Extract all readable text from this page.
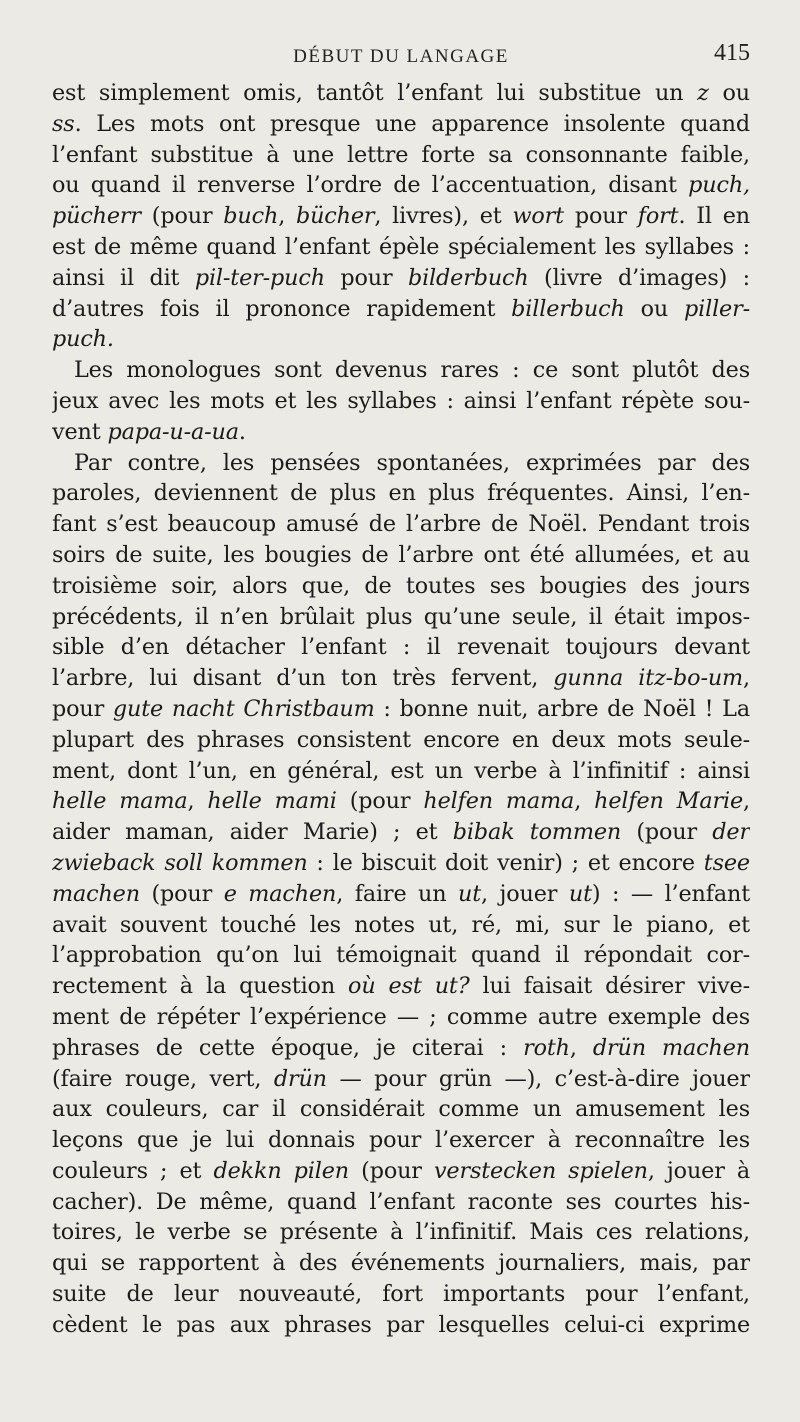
DÉBUT DU LANGAGE	415
est simplement omis, tantôt l’enfant lui substitue un z ou
ss. Les mots ont presque une apparence insolente quand
l’enfant substitue à une lettre forte sa consonnante faible,
ou quand il renverse l’ordre de l’accentuation, disant puch,
pücherr (pour buch, bücher, livres), et wort pour fort. Il en
est de même quand l’enfant épèle spécialement les syllabes :
ainsi il dit pil-ter-puch pour bilderbuch (livre d’images) :
d’autres fois il prononce rapidement billerbuch ou piller-
puch.
Les monologues sont devenus rares : ce sont plutôt des
jeux avec les mots et les syllabes : ainsi l’enfant répète sou-
vent papa-u-a-ua.
Par contre, les pensées spontanées, exprimées par des
paroles, deviennent de plus en plus fréquentes. Ainsi, l’en-
fant s’est beaucoup amusé de l’arbre de Noël. Pendant trois
soirs de suite, les bougies de l’arbre ont été allumées, et au
troisième soir, alors que, de toutes ses bougies des jours
précédents, il n’en brûlait plus qu’une seule, il était impos-
sible d’en détacher l’enfant : il revenait toujours devant
l’arbre, lui disant d’un ton très fervent, gunna itz-bo-um,
pour gute nacht Christbaum : bonne nuit, arbre de Noël ! La
plupart des phrases consistent encore en deux mots seule-
ment, dont l’un, en général, est un verbe à l’infinitif : ainsi
helle mama, helle mami (pour helfen mama, helfen Marie,
aider maman, aider Marie) ; et bibak tommen (pour der
zwieback soll kommen : le biscuit doit venir) ; et encore tsee
machen (pour e machen, faire un ut, jouer ut) : — l’enfant
avait souvent touché les notes ut, ré, mi, sur le piano, et
l’approbation qu’on lui témoignait quand il répondait cor-
rectement à la question où est ut? lui faisait désirer vive-
ment de répéter l’expérience — ; comme autre exemple des
phrases de cette époque, je citerai : roth, drün machen
(faire rouge, vert, drün — pour grün —), c’est-à-dire jouer
aux couleurs, car il considérait comme un amusement les
leçons que je lui donnais pour l’exercer à reconnaître les
couleurs ; et dekkn pilen (pour verstecken spielen, jouer à
cacher). De même, quand l’enfant raconte ses courtes his-
toires, le verbe se présente à l’infinitif. Mais ces relations,
qui se rapportent à des événements journaliers, mais, par
suite de leur nouveauté, fort importants pour l’enfant,
cèdent le pas aux phrases par lesquelles celui-ci exprime
